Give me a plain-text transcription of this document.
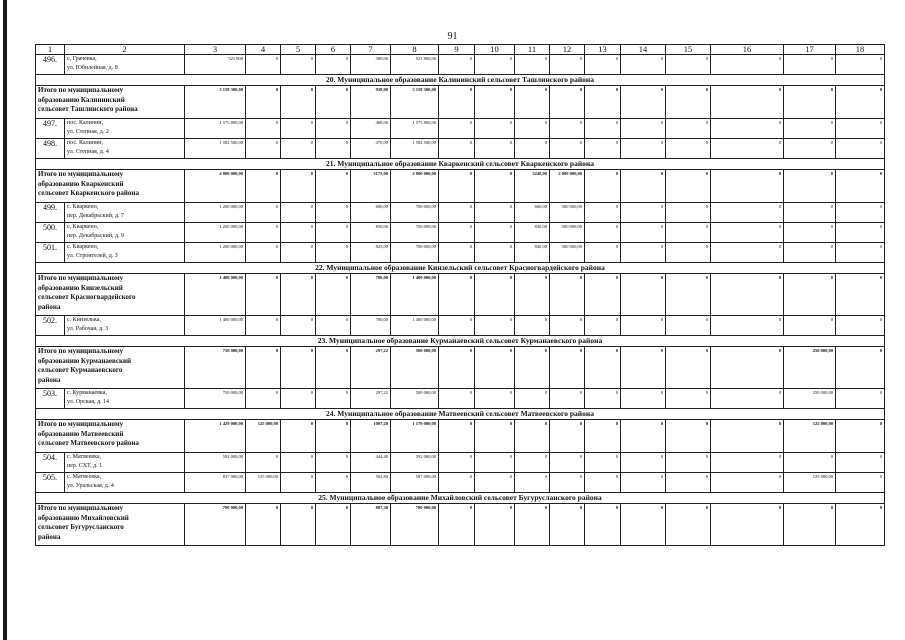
91
1	2	3	4	5	6	7	8	9	10	11	12	13	14	15	16	17	18
496.	с. Грачевка,
ул. Юбилейная, д. 8	521 800	0	0	0	300,00	521 800,00	0	0	0	0	0	0	0	0	0	0
20. Муниципальное образование Калининский сельсовет Ташлинского района																	

Итого по муниципальному
образованию Калининский
сельсовет Ташлинского района		3 158 300,00	0	0	0	938,00	3 158 300,00	0	0	0	0	0	0	0	0	0	0
497.	пос. Калинин,
ул. Степная, д. 2	1 575 800,00	0	0	0	468,00	1 575 800,00	0	0	0	0	0	0	0	0	0	0
498.	пос. Калинин,
ул. Степная, д. 4	1 582 500,00	0	0	0	470,00	1 582 500,00	0	0	0	0	0	0	0	0	0	0
21. Муниципальное образование Кваркенский сельсовет Кваркенского района																	

Итого по муниципальному
образованию Кваркенский
сельсовет Кваркенского района		4 800 000,00	0	0	0	3175,00	2 800 000,00	0	0	3240,00	2 000 000,00	0	0	0	0	0	0
499.	с. Кваркено,
пер. Декабрьский, д. 7	1 200 000,00	0	0	0	600,00	700 000,00	0	0	660,00	500 000,00	0	0	0	0	0	0
500.	с. Кваркено,
пер. Декабрьский, д. 9	1 200 000,00	0	0	0	850,00	700 000,00	0	0	840,00	500 000,00	0	0	0	0	0	0
501.	с. Кваркено,
ул. Строителей, д. 3	1 200 000,00	0	0	0	825,00	700 000,00	0	0	840,00	500 000,00	0	0	0	0	0	0
22. Муниципальное образование Кинзельский сельсовет Красногвардейского района																	

Итого по муниципальному
образованию Кинзельский
сельсовет Красногвардейского
района		1 400 000,00	0	0	0	700,00	1 400 000,00	0	0	0	0	0	0	0	0	0	0
502.	с. Кинзелька,
ул. Рабочая, д. 3	1 400 000,00	0	0	0	700,00	1 400 000,00	0	0	0	0	0	0	0	0	0	0
23. Муниципальное образование Курманаевский сельсовет Курманаевского района																	

Итого по муниципальному
образованию Курманаевский
сельсовет Курманаевского
района		750 000,00	0	0	0	297,22	500 000,00	0	0	0	0	0	0	0	0	250 000,00	0
503.	с. Курманаевка,
ул. Орская, д. 14	750 000,00	0	0	0	297,22	500 000,00	0	0	0	0	0	0	0	0	250 000,00	0
24. Муниципальное образование Матвеевский сельсовет Матвеевского района																	

Итого по муниципальному
образованию Матвеевский
сельсовет Матвеевского района		1 429 000,00	125 000,00	0	0	1007,20	1 179 000,00	0	0	0	0	0	0	0	0	125 000,00	0
504.	с. Матвеевка,
пер. СХТ, д. 1	592 000,00	0	0	0	444,40	592 000,00	0	0	0	0	0	0	0	0	0	0
505.	с. Матвеевка,
ул. Уральская, д. 4	837 000,00	125 000,00	0	0	562,80	587 000,00	0	0	0	0	0	0	0	0	125 000,00	0
25. Муниципальное образование Михайловский сельсовет Бугурусланского района																	

Итого по муниципальному
образованию Михайловский
сельсовет Бугурусланского
района		700 000,00	0	0	0	887,30	700 000,00	0	0	0	0	0	0	0	0	0	0
